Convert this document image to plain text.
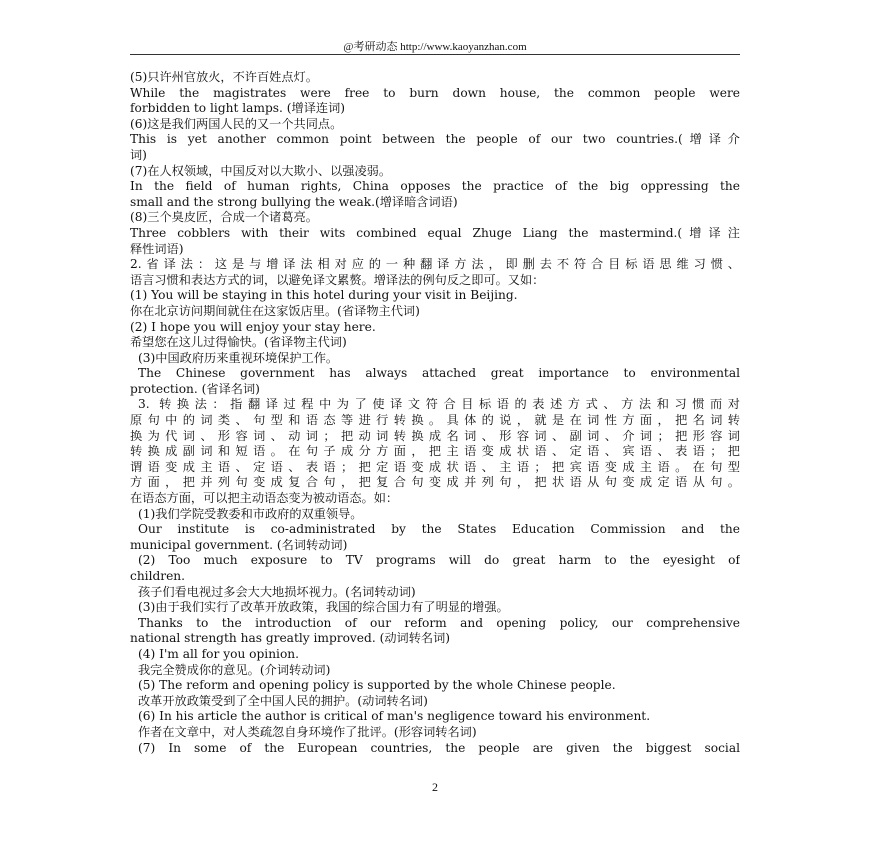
@考研动态 http://www.kaoyanzhan.com
(5)只许州官放火，不许百姓点灯。
While the magistrates were free to burn down house, the common people were
forbidden to light lamps. (增译连词)
(6)这是我们两国人民的又一个共同点。
This is yet another common point between the people of our two countries.(增译介
词)
(7)在人权领域，中国反对以大欺小、以强凌弱。
In the field of human rights, China opposes the practice of the big oppressing the
small and the strong bullying the weak.(增译暗含词语)
(8)三个臭皮匠，合成一个诸葛亮。
Three cobblers with their wits combined equal Zhuge Liang the mastermind.(增译注
释性词语)
2.省译法：这是与增译法相对应的一种翻译方法，即删去不符合目标语思维习惯、
语言习惯和表达方式的词，以避免译文累赘。增译法的例句反之即可。又如：
(1) You will be staying in this hotel during your visit in Beijing.
你在北京访问期间就住在这家饭店里。(省译物主代词)
(2) I hope you will enjoy your stay here.
希望您在这儿过得愉快。(省译物主代词)
(3)中国政府历来重视环境保护工作。
The Chinese government has always attached great importance to environmental
protection. (省译名词)
3. 转换法：指翻译过程中为了使译文符合目标语的表述方式、方法和习惯而对
原句中的词类、句型和语态等进行转换。具体的说，就是在词性方面，把名词转
换为代词、形容词、动词；把动词转换成名词、形容词、副词、介词；把形容词
转换成副词和短语。在句子成分方面，把主语变成状语、定语、宾语、表语；把
谓语变成主语、定语、表语；把定语变成状语、主语；把宾语变成主语。在句型
方面，把并列句变成复合句，把复合句变成并列句，把状语从句变成定语从句。
在语态方面，可以把主动语态变为被动语态。如：
(1)我们学院受教委和市政府的双重领导。
Our institute is co-administrated by the States Education Commission and the
municipal government. (名词转动词)
(2) Too much exposure to TV programs will do great harm to the eyesight of
children.
孩子们看电视过多会大大地损坏视力。(名词转动词)
(3)由于我们实行了改革开放政策，我国的综合国力有了明显的增强。
Thanks to the introduction of our reform and opening policy, our comprehensive
national strength has greatly improved. (动词转名词)
(4) I'm all for you opinion.
我完全赞成你的意见。(介词转动词)
(5) The reform and opening policy is supported by the whole Chinese people.
改革开放政策受到了全中国人民的拥护。(动词转名词)
(6) In his article the author is critical of man's negligence toward his environment.
作者在文章中，对人类疏忽自身环境作了批评。(形容词转名词)
(7) In some of the European countries, the people are given the biggest social
2
